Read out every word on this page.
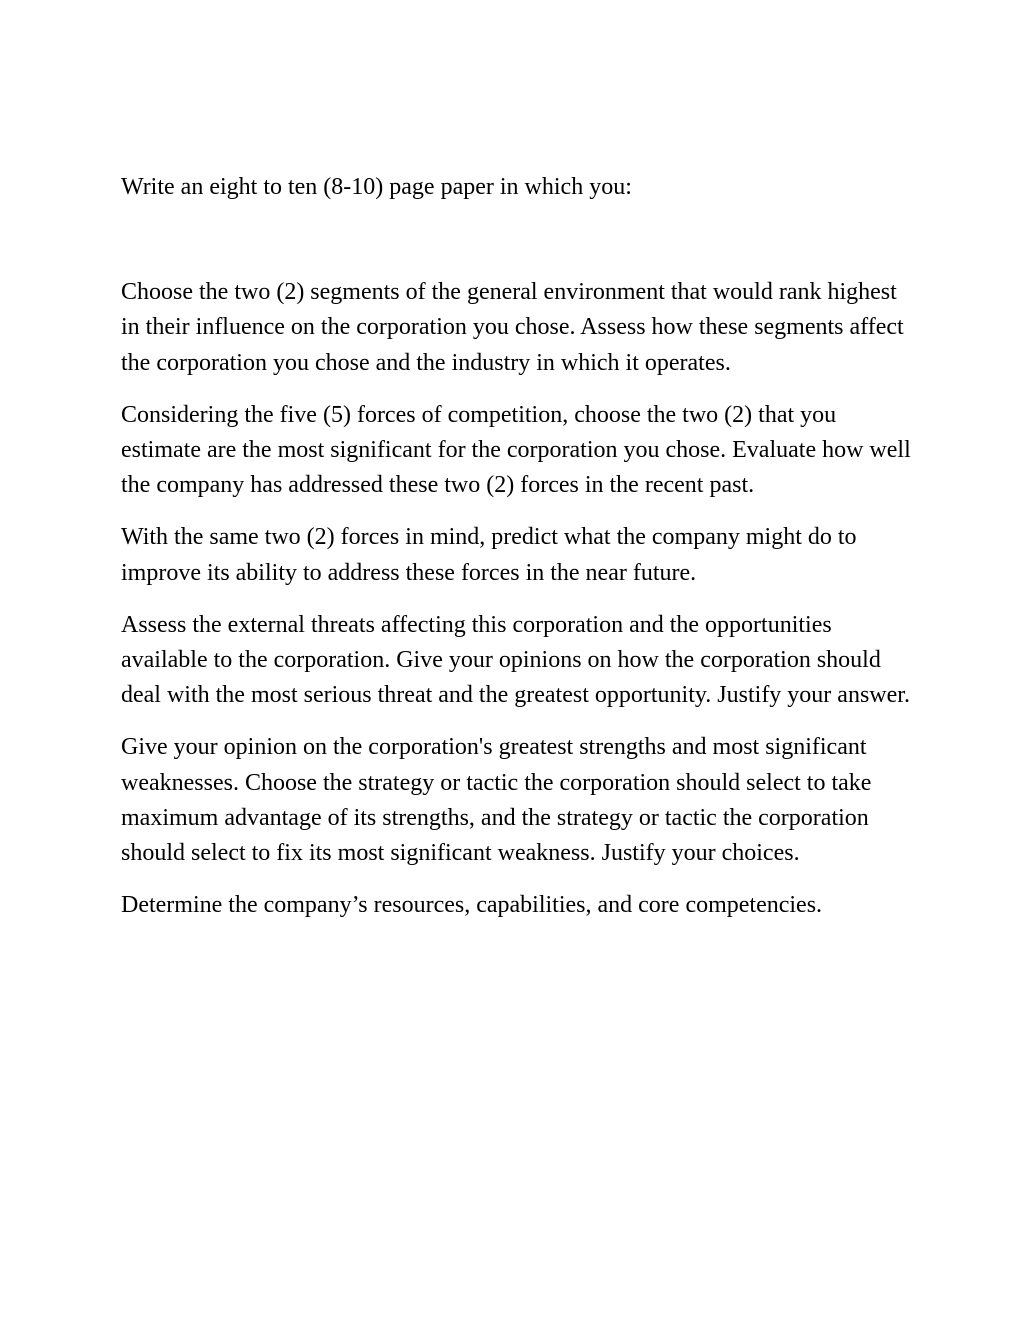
Write an eight to ten (8-10) page paper in which you:

Choose the two (2) segments of the general environment that would rank highest in their influence on the corporation you chose. Assess how these segments affect the corporation you chose and the industry in which it operates.

Considering the five (5) forces of competition, choose the two (2) that you estimate are the most significant for the corporation you chose. Evaluate how well the company has addressed these two (2) forces in the recent past.

With the same two (2) forces in mind, predict what the company might do to improve its ability to address these forces in the near future.

Assess the external threats affecting this corporation and the opportunities available to the corporation. Give your opinions on how the corporation should deal with the most serious threat and the greatest opportunity. Justify your answer.

Give your opinion on the corporation's greatest strengths and most significant weaknesses. Choose the strategy or tactic the corporation should select to take maximum advantage of its strengths, and the strategy or tactic the corporation should select to fix its most significant weakness. Justify your choices.

Determine the company’s resources, capabilities, and core competencies.
